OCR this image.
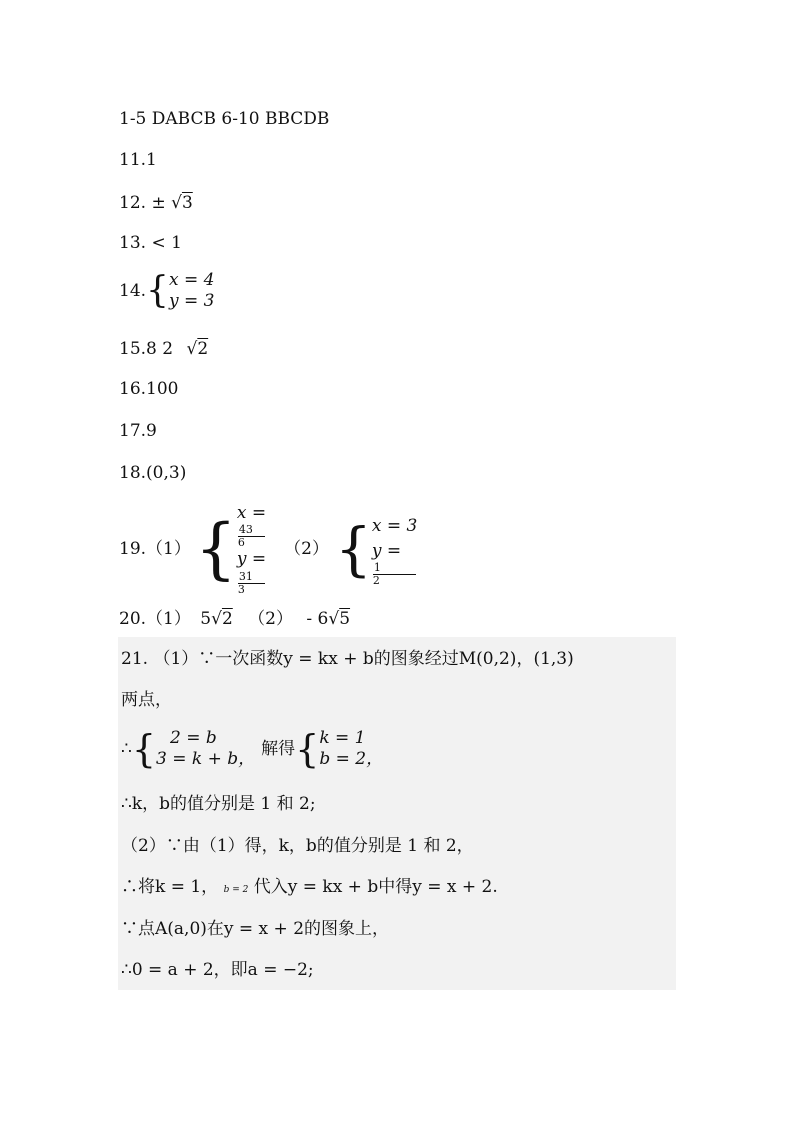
1-5 DABCB 6-10 BBCDB
11.1
12. ± √3
13. < 1
14. { x = 4
y = 3
15.8 2 √2
16.100
17.9
18.(0,3)
19.（1） { x =
43
6
y =
31
3
（2） { x = 3
y =
1
2
20.（1） 5√2 （2） - 6√5
21. （1）∵一次函数y = kx + b的图象经过M(0,2)，(1,3)
两点，
∴ { 2 = b
3 = k + b，
解得 { k = 1
b = 2，
∴k，b的值分别是 1 和 2;
（2）∵由（1）得，k，b的值分别是 1 和 2，
∴将k = 1， b = 2 代入y = kx + b中得y = x + 2.
∵点A(a,0)在y = x + 2的图象上，
∴0 = a + 2，即a = −2;
